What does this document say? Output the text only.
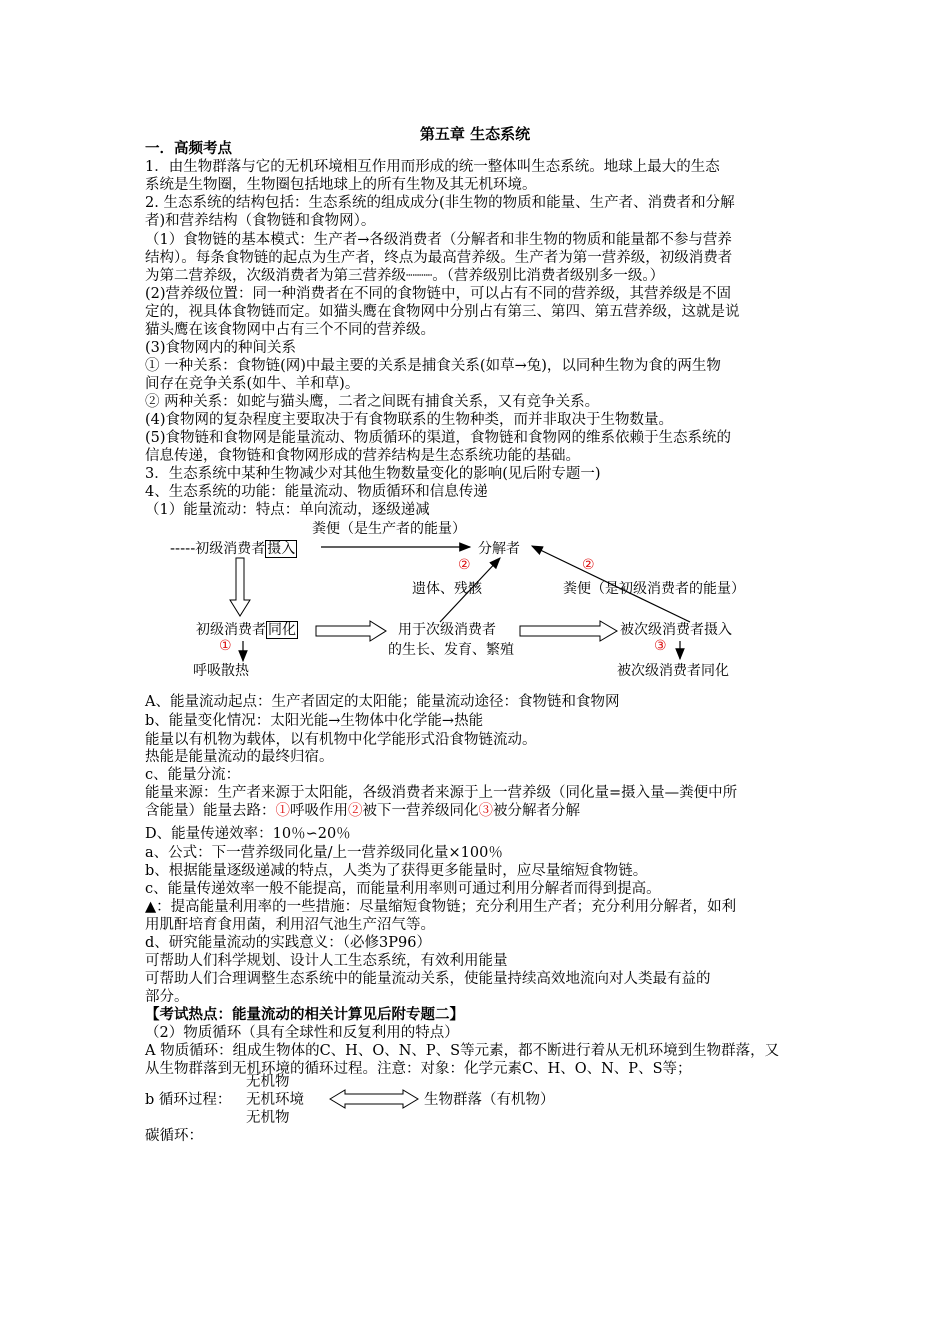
第五章 生态系统
一．高频考点
1．由生物群落与它的无机环境相互作用而形成的统一整体叫生态系统。地球上最大的生态
系统是生物圈，生物圈包括地球上的所有生物及其无机环境。
2. 生态系统的结构包括：生态系统的组成成分(非生物的物质和能量、生产者、消费者和分解
者)和营养结构（食物链和食物网）。
（1）食物链的基本模式：生产者→各级消费者（分解者和非生物的物质和能量都不参与营养
结构）。每条食物链的起点为生产者，终点为最高营养级。生产者为第一营养级，初级消费者
为第二营养级，次级消费者为第三营养级┈┈┈。（营养级别比消费者级别多一级。）
(2)营养级位置：同一种消费者在不同的食物链中，可以占有不同的营养级，其营养级是不固
定的，视具体食物链而定。如猫头鹰在食物网中分别占有第三、第四、第五营养级，这就是说
猫头鹰在该食物网中占有三个不同的营养级。
(3)食物网内的种间关系
① 一种关系：食物链(网)中最主要的关系是捕食关系(如草→兔)，以同种生物为食的两生物
间存在竞争关系(如牛、羊和草)。
② 两种关系：如蛇与猫头鹰，二者之间既有捕食关系，又有竞争关系。
(4)食物网的复杂程度主要取决于有食物联系的生物种类，而并非取决于生物数量。
(5)食物链和食物网是能量流动、物质循环的渠道，食物链和食物网的维系依赖于生态系统的
信息传递，食物链和食物网形成的营养结构是生态系统功能的基础。
3．生态系统中某种生物减少对其他生物数量变化的影响(见后附专题一)
4、生态系统的功能：能量流动、物质循环和信息传递
（1）能量流动：特点：单向流动，逐级递减
粪便（是生产者的能量）
-----初级消费者 摄入	分解者
②	②
遗体、残骸	粪便（是初级消费者的能量）
初级消费者 同化	用于次级消费者	被次级消费者摄入
①	的生长、发育、繁殖	③
呼吸散热	被次级消费者同化
A、能量流动起点：生产者固定的太阳能；能量流动途径：食物链和食物网
b、能量变化情况：太阳光能→生物体中化学能→热能
能量以有机物为载体，以有机物中化学能形式沿食物链流动。
热能是能量流动的最终归宿。
c、能量分流：
能量来源：生产者来源于太阳能，各级消费者来源于上一营养级（同化量=摄入量—粪便中所
含能量）能量去路：①呼吸作用②被下一营养级同化③被分解者分解
D、能量传递效率：10％∽20％
a、公式：下一营养级同化量/上一营养级同化量×100％
b、根据能量逐级递减的特点，人类为了获得更多能量时，应尽量缩短食物链。
c、能量传递效率一般不能提高，而能量利用率则可通过利用分解者而得到提高。
▲：提高能量利用率的一些措施：尽量缩短食物链；充分利用生产者；充分利用分解者，如利
用肌酐培育食用菌，利用沼气池生产沼气等。
d、研究能量流动的实践意义：（必修3P96）
可帮助人们科学规划、设计人工生态系统，有效利用能量
可帮助人们合理调整生态系统中的能量流动关系，使能量持续高效地流向对人类最有益的
部分。
【考试热点：能量流动的相关计算见后附专题二】
（2）物质循环（具有全球性和反复利用的特点）
A 物质循环：组成生物体的C、H、O、N、P、S等元素，都不断进行着从无机环境到生物群落，又
从生物群落到无机环境的循环过程。注意：对象：化学元素C、H、O、N、P、S等；
无机物
b 循环过程： 无机环境	生物群落（有机物）
无机物
碳循环：
